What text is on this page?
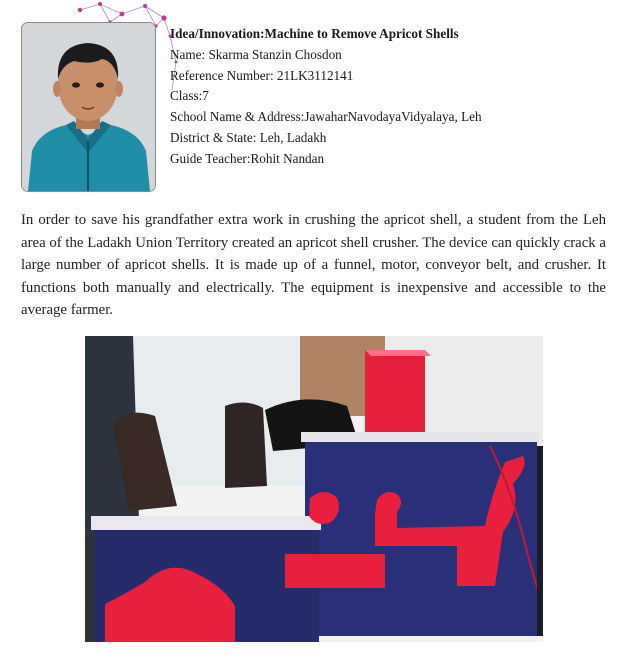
Idea/Innovation:Machine to Remove Apricot Shells
Name: Skarma Stanzin Chosdon
Reference Number: 21LK3112141
Class:7
School Name & Address:JawaharNavodayaVidyalaya, Leh
District & State: Leh, Ladakh
Guide Teacher:Rohit Nandan

In order to save his grandfather extra work in crushing the apricot shell, a student from the Leh area of the Ladakh Union Territory created an apricot shell crusher. The device can quickly crack a large number of apricot shells. It is made up of a funnel, motor, conveyor belt, and crusher. It functions both manually and electrically. The equipment is inexpensive and accessible to the average farmer.
